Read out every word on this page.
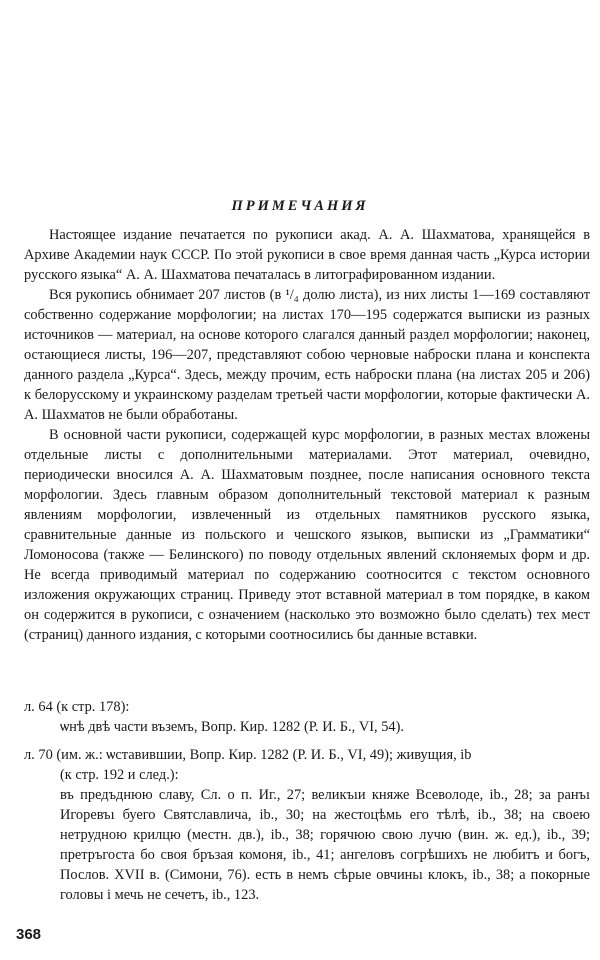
ПРИМЕЧАНИЯ

Настоящее издание печатается по рукописи акад. А. А. Шахматова, хранящейся в Архиве Академии наук СССР. По этой рукописи в свое время данная часть „Курса истории русского языка“ А. А. Шахматова печаталась в литографированном издании.

Вся рукопись обнимает 207 листов (в ¹/₄ долю листа), из них листы 1—169 составляют собственно содержание морфологии; на листах 170—195 содержатся выписки из разных источников — материал, на основе которого слагался данный раздел морфологии; наконец, остающиеся листы, 196—207, представляют собою черновые наброски плана и конспекта данного раздела „Курса“. Здесь, между прочим, есть наброски плана (на листах 205 и 206) к белорусскому и украинскому разделам третьей части морфологии, которые фактически А. А. Шахматов не были обработаны.

В основной части рукописи, содержащей курс морфологии, в разных местах вложены отдельные листы с дополнительными материалами. Этот материал, очевидно, периодически вносился А. А. Шахматовым позднее, после написания основного текста морфологии. Здесь главным образом дополнительный текстовой материал к разным явлениям морфологии, извлеченный из отдельных памятников русского языка, сравнительные данные из польского и чешского языков, выписки из „Грамматики“ Ломоносова (также — Белинского) по поводу отдельных явлений склоняемых форм и др. Не всегда приводимый материал по содержанию соотносится с текстом основного изложения окружающих страниц. Приведу этот вставной материал в том порядке, в каком он содержится в рукописи, с означением (насколько это возможно было сделать) тех мест (страниц) данного издания, с которыми соотносились бы данные вставки.

л. 64 (к стр. 178):
ѡнѣ двѣ части въземъ, Вопр. Кир. 1282 (Р. И. Б., VI, 54).
л. 70 (им. ж.: ѡставившии, Вопр. Кир. 1282 (Р. И. Б., VI, 49); живущия, ib
(к стр. 192 и след.):
въ предъднюю славу, Сл. о п. Иг., 27; великъıи княже Всеволоде, ib., 28; за ранъı Игоревъı буего Святславлича, ib., 30; на жестоцѣмь его тѣлѣ, ib., 38; на своею нетрудною крилцю (местн. дв.), ib., 38; горячюю свою лучю (вин. ж. ед.), ib., 39; претръгоста бо своя бръзая комоня, ib., 41; ангеловъ согрѣшихъ не любитъ и богъ, Послов. XVII в. (Симони, 76). есть в немъ сѣрые овчиньı клокъ, ib., 38; а покорные головы і мечь не сечетъ, ib., 123.
368
